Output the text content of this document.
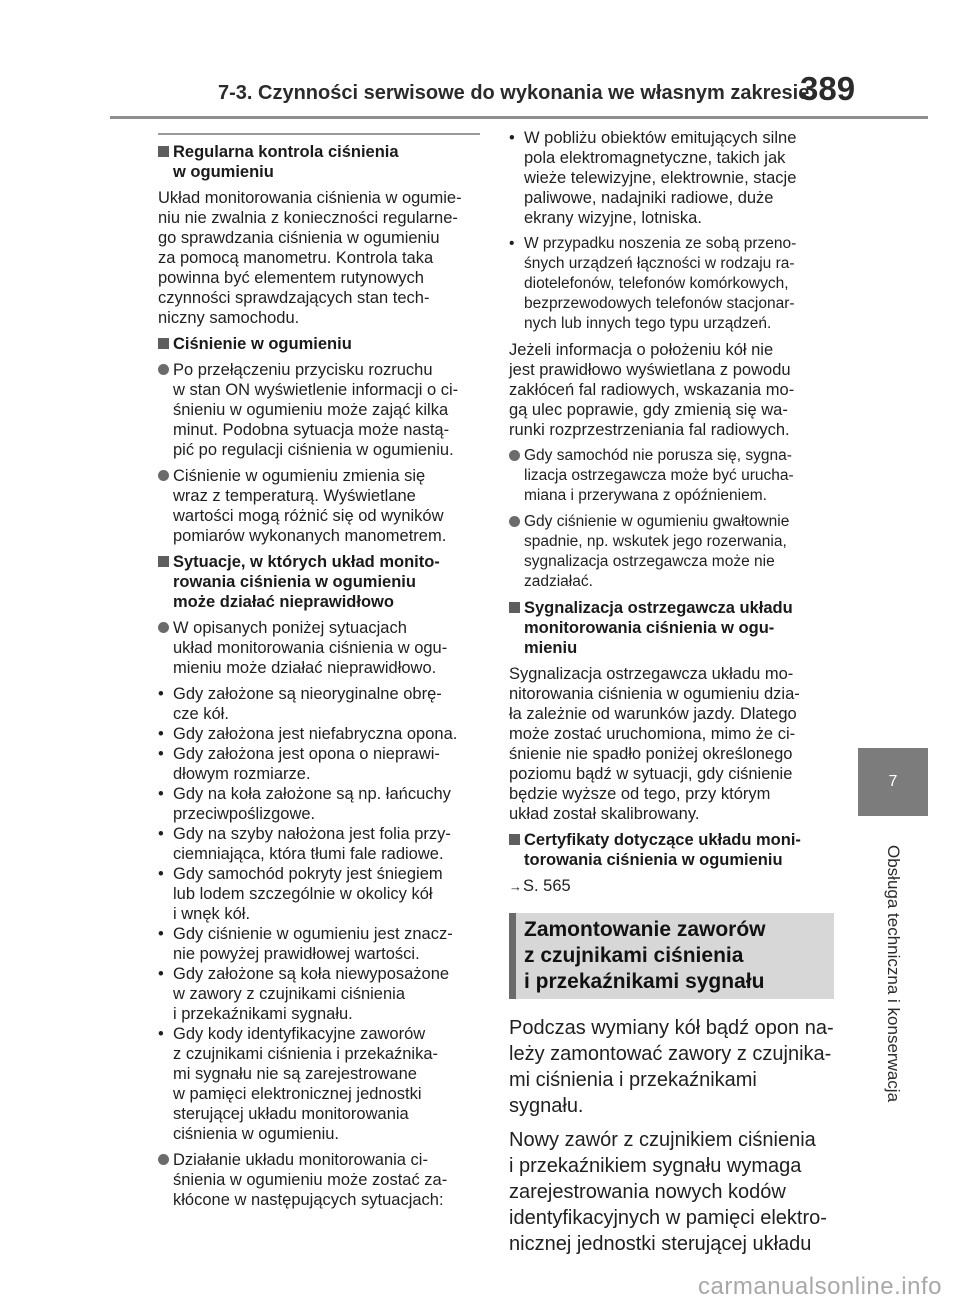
7-3. Czynności serwisowe do wykonania we własnym zakresie
389
7
Obsługa techniczna i konserwacja
Regularna kontrola ciśnienia
w ogumieniu
Układ monitorowania ciśnienia w ogumie-
niu nie zwalnia z konieczności regularne-
go sprawdzania ciśnienia w ogumieniu
za pomocą manometru. Kontrola taka
powinna być elementem rutynowych
czynności sprawdzających stan tech-
niczny samochodu.
Ciśnienie w ogumieniu
Po przełączeniu przycisku rozruchu
w stan ON wyświetlenie informacji o ci-
śnieniu w ogumieniu może zająć kilka
minut. Podobna sytuacja może nastą-
pić po regulacji ciśnienia w ogumieniu.
Ciśnienie w ogumieniu zmienia się
wraz z temperaturą. Wyświetlane
wartości mogą różnić się od wyników
pomiarów wykonanych manometrem.
Sytuacje, w których układ monito-
rowania ciśnienia w ogumieniu
może działać nieprawidłowo
W opisanych poniżej sytuacjach
układ monitorowania ciśnienia w ogu-
mieniu może działać nieprawidłowo.
• Gdy założone są nieoryginalne obrę-
cze kół.
• Gdy założona jest niefabryczna opona.
• Gdy założona jest opona o nieprawi-
dłowym rozmiarze.
• Gdy na koła założone są np. łańcuchy
przeciwpoślizgowe.
• Gdy na szyby nałożona jest folia przy-
ciemniająca, która tłumi fale radiowe.
• Gdy samochód pokryty jest śniegiem
lub lodem szczególnie w okolicy kół
i wnęk kół.
• Gdy ciśnienie w ogumieniu jest znacz-
nie powyżej prawidłowej wartości.
• Gdy założone są koła niewyposażone
w zawory z czujnikami ciśnienia
i przekaźnikami sygnału.
• Gdy kody identyfikacyjne zaworów
z czujnikami ciśnienia i przekaźnika-
mi sygnału nie są zarejestrowane
w pamięci elektronicznej jednostki
sterującej układu monitorowania
ciśnienia w ogumieniu.
Działanie układu monitorowania ci-
śnienia w ogumieniu może zostać za-
kłócone w następujących sytuacjach:
• W pobliżu obiektów emitujących silne
pola elektromagnetyczne, takich jak
wieże telewizyjne, elektrownie, stacje
paliwowe, nadajniki radiowe, duże
ekrany wizyjne, lotniska.
• W przypadku noszenia ze sobą przeno-
śnych urządzeń łączności w rodzaju ra-
diotelefonów, telefonów komórkowych,
bezprzewodowych telefonów stacjonar-
nych lub innych tego typu urządzeń.
Jeżeli informacja o położeniu kół nie
jest prawidłowo wyświetlana z powodu
zakłóceń fal radiowych, wskazania mo-
gą ulec poprawie, gdy zmienią się wa-
runki rozprzestrzeniania fal radiowych.
Gdy samochód nie porusza się, sygna-
lizacja ostrzegawcza może być urucha-
miana i przerywana z opóźnieniem.
Gdy ciśnienie w ogumieniu gwałtownie
spadnie, np. wskutek jego rozerwania,
sygnalizacja ostrzegawcza może nie
zadziałać.
Sygnalizacja ostrzegawcza układu
monitorowania ciśnienia w ogu-
mieniu
Sygnalizacja ostrzegawcza układu mo-
nitorowania ciśnienia w ogumieniu dzia-
ła zależnie od warunków jazdy. Dlatego
może zostać uruchomiona, mimo że ci-
śnienie nie spadło poniżej określonego
poziomu bądź w sytuacji, gdy ciśnienie
będzie wyższe od tego, przy którym
układ został skalibrowany.
Certyfikaty dotyczące układu moni-
torowania ciśnienia w ogumieniu
→S. 565
Zamontowanie zaworów
z czujnikami ciśnienia
i przekaźnikami sygnału
Podczas wymiany kół bądź opon na-
leży zamontować zawory z czujnika-
mi ciśnienia i przekaźnikami sygnału.
Nowy zawór z czujnikiem ciśnienia
i przekaźnikiem sygnału wymaga
zarejestrowania nowych kodów
identyfikacyjnych w pamięci elektro-
nicznej jednostki sterującej układu
carmanualsonline.info
